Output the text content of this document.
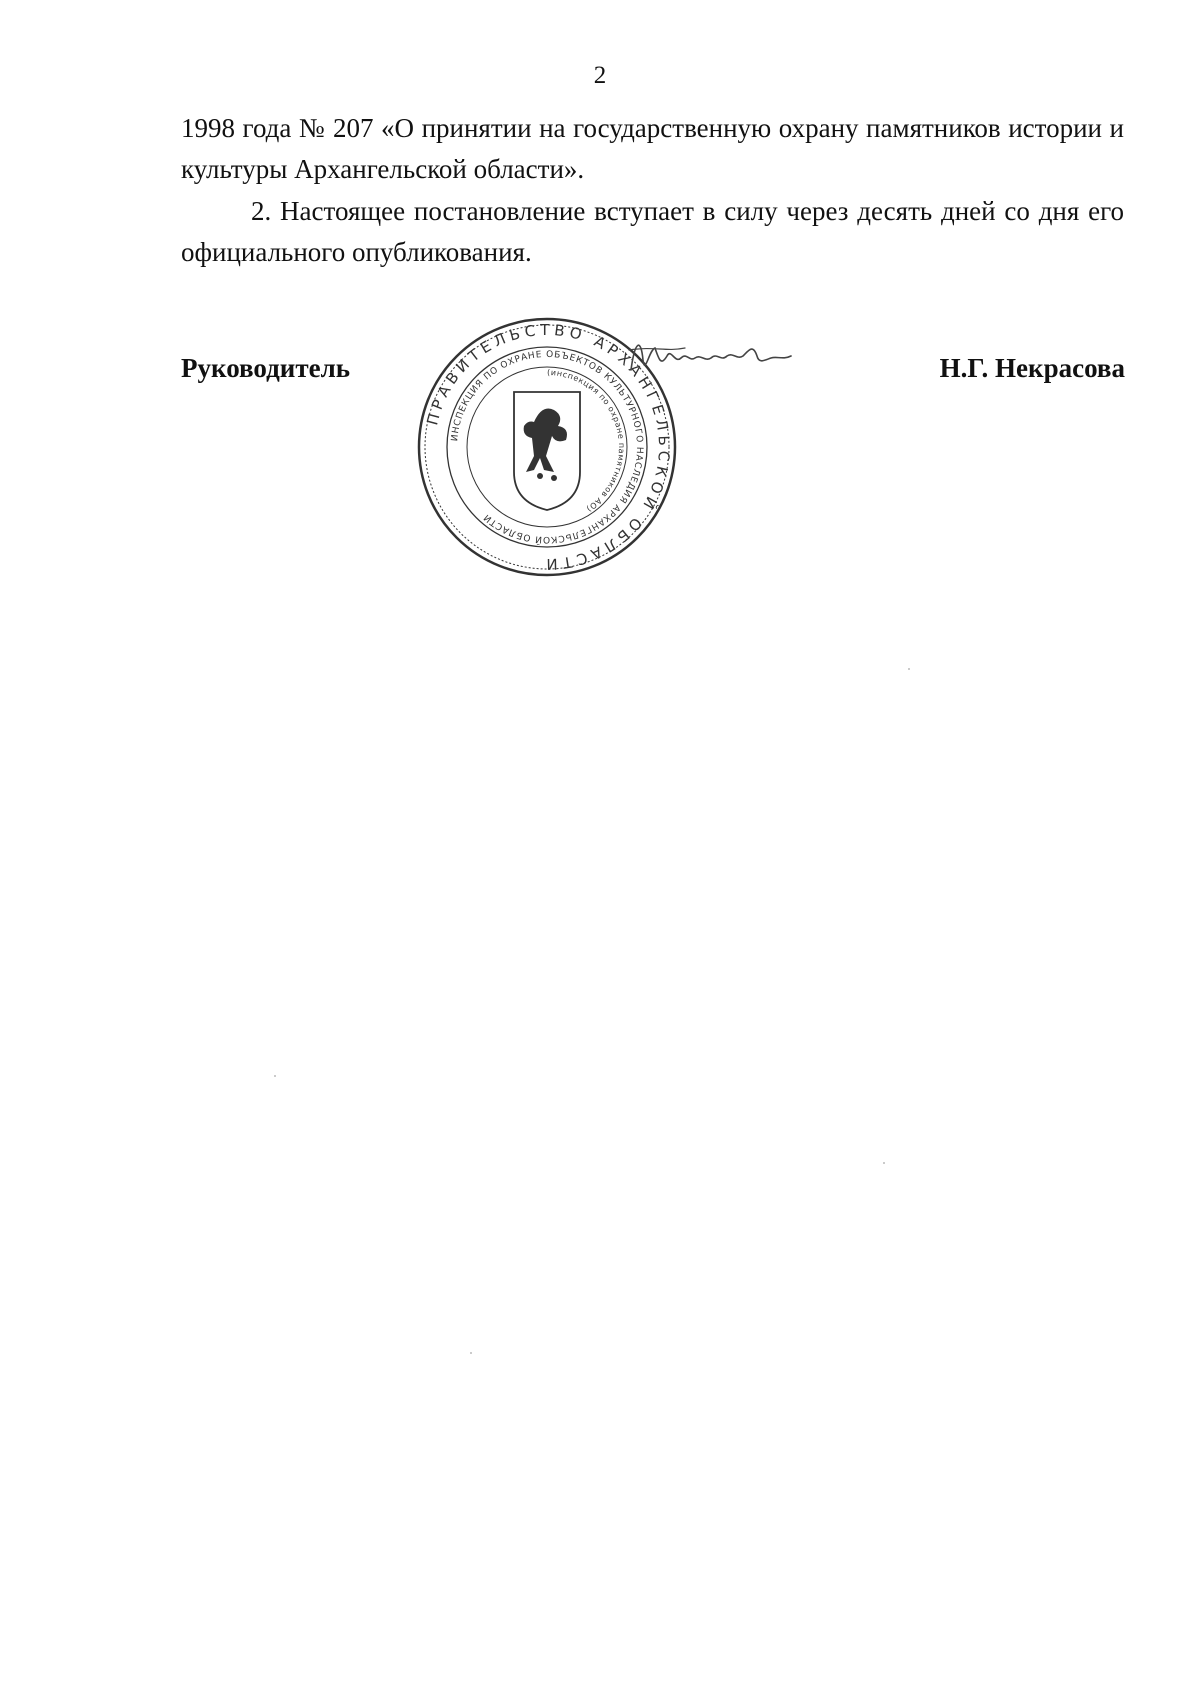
2
1998 года № 207 «О принятии на государственную охрану памятников истории и культуры Архангельской области».
2. Настоящее постановление вступает в силу через десять дней со дня его официального опубликования.
Руководитель	Н.Г. Некрасова
ПРАВИТЕЛЬСТВО АРХАНГЕЛЬСКОЙ ОБЛАСТИ
ИНСПЕКЦИЯ ПО ОХРАНЕ ОБЪЕКТОВ КУЛЬТУРНОГО НАСЛЕДИЯ АРХАНГЕЛЬСКОЙ ОБЛАСТИ
(инспекция по охране памятников АО)
